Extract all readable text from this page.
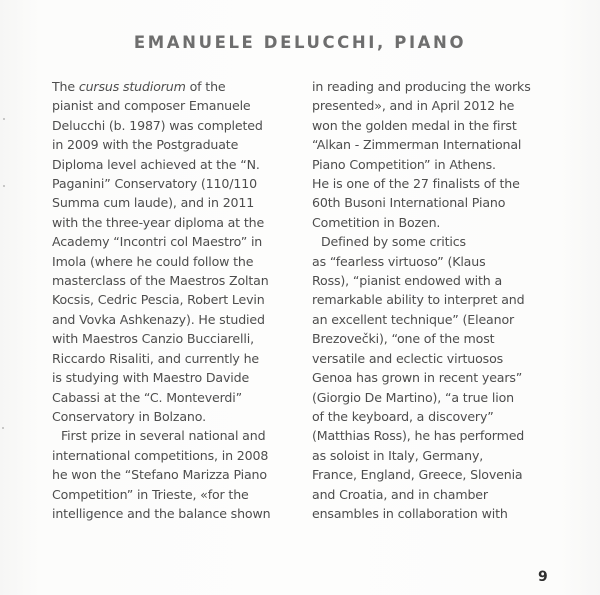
EMANUELE DELUCCHI, PIANO
The cursus studiorum of the
pianist and composer Emanuele
Delucchi (b. 1987) was completed
in 2009 with the Postgraduate
Diploma level achieved at the “N.
Paganini” Conservatory (110/110
Summa cum laude), and in 2011
with the three-year diploma at the
Academy “Incontri col Maestro” in
Imola (where he could follow the
masterclass of the Maestros Zoltan
Kocsis, Cedric Pescia, Robert Levin
and Vovka Ashkenazy). He studied
with Maestros Canzio Bucciarelli,
Riccardo Risaliti, and currently he
is studying with Maestro Davide
Cabassi at the “C. Monteverdi”
Conservatory in Bolzano.
First prize in several national and
international competitions, in 2008
he won the “Stefano Marizza Piano
Competition” in Trieste, «for the
intelligence and the balance shown
in reading and producing the works
presented», and in April 2012 he
won the golden medal in the first
“Alkan - Zimmerman International
Piano Competition” in Athens.
He is one of the 27 finalists of the
60th Busoni International Piano
Cometition in Bozen.
Defined by some critics
as “fearless virtuoso” (Klaus
Ross), “pianist endowed with a
remarkable ability to interpret and
an excellent technique” (Eleanor
Brezovečki), “one of the most
versatile and eclectic virtuosos
Genoa has grown in recent years”
(Giorgio De Martino), “a true lion
of the keyboard, a discovery”
(Matthias Ross), he has performed
as soloist in Italy, Germany,
France, England, Greece, Slovenia
and Croatia, and in chamber
ensambles in collaboration with
9
